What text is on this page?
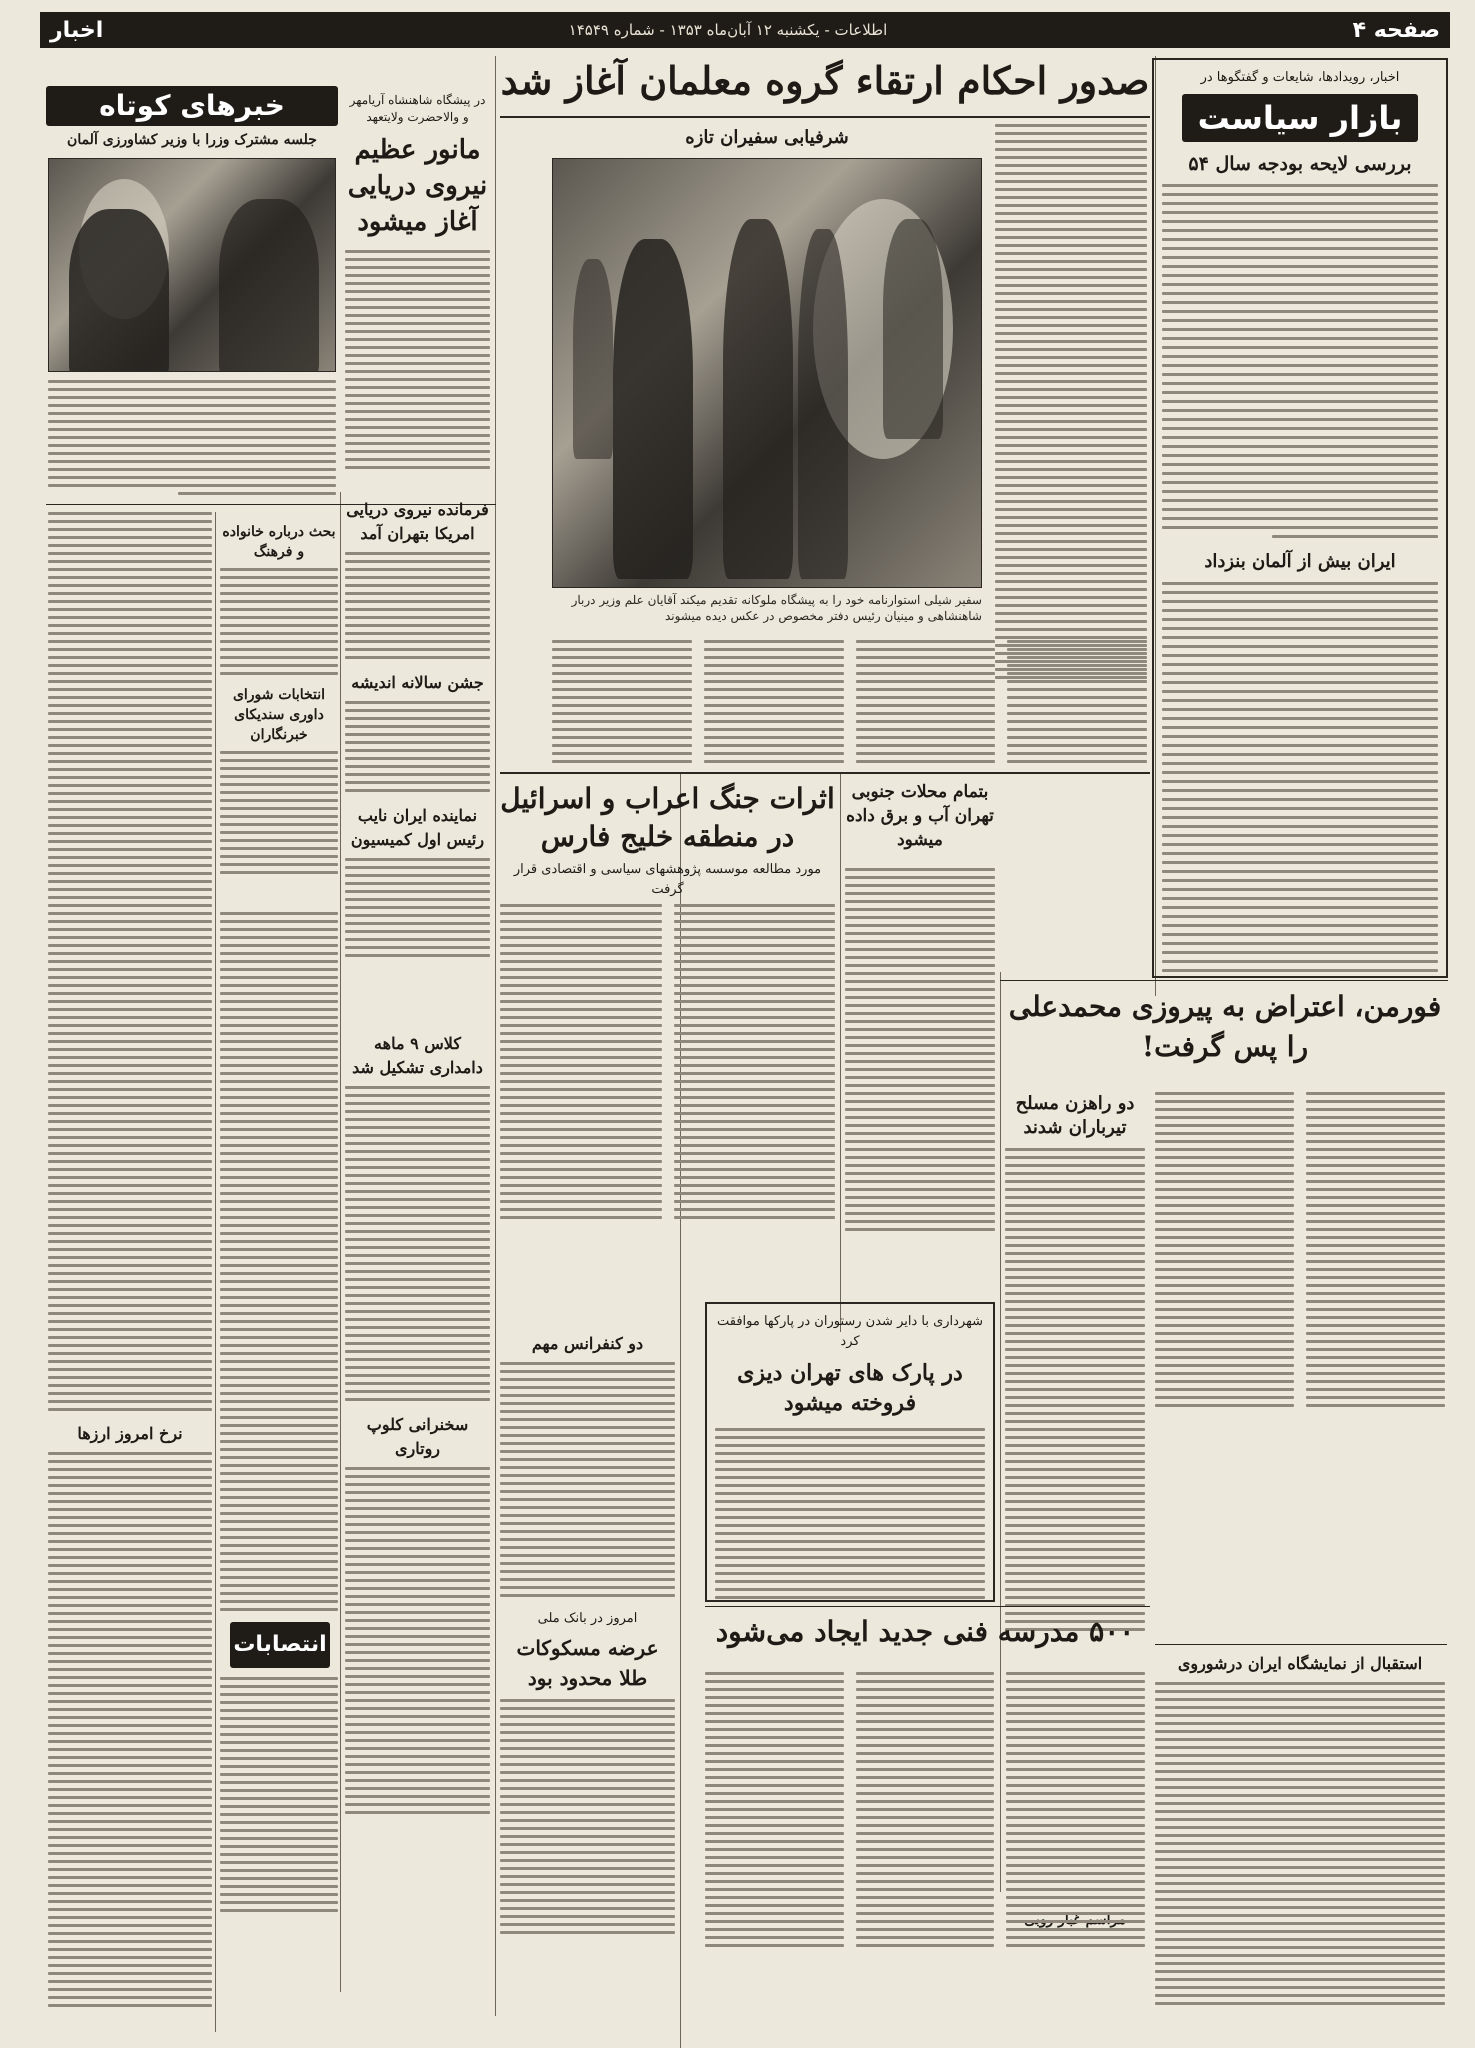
صفحه ۴
اطلاعات - یکشنبه ۱۲ آبان‌ماه ۱۳۵۳ - شماره ۱۴۵۴۹
اخبار
اخبار، رویدادها، شایعات و گفتگوها در
بازار سیاست
بررسی لایحه بودجه سال ۵۴
ایران بیش از آلمان بنزداد
صدور احکام ارتقاء گروه معلمان آغاز شد
شرفیابی سفیران تازه
سفیر شیلی استوارنامه خود را به پیشگاه ملوکانه تقدیم میکند آقایان علم وزیر دربار شاهنشاهی و مینیان رئیس دفتر مخصوص در عکس دیده میشوند
در پیشگاه شاهنشاه آریامهر و والاحضرت ولایتعهد
مانور عظیم نیروی دریایی آغاز میشود
خبرهای کوتاه
جلسه مشترک وزرا با وزیر کشاورزی آلمان
فرمانده نیروی دریایی امریکا بتهران آمد
جشن سالانه اندیشه
نماینده ایران نایب رئیس اول کمیسیون
بحث درباره خانواده و فرهنگ
انتخابات شورای داوری سندیکای خبرنگاران
بتمام محلات جنوبی تهران آب و برق داده میشود
اثرات جنگ اعراب و اسرائیل در منطقه خلیج فارس
مورد مطالعه موسسه پژوهشهای سیاسی و اقتصادی قرار گرفت
فورمن، اعتراض به پیروزی محمدعلی را پس گرفت!
دو راهزن مسلح تیرباران شدند
شهرداری با دایر شدن رستوران در پارکها موافقت کرد
در پارک های تهران دیزی فروخته میشود
استقبال از نمایشگاه ایران درشوروی
۵۰۰ مدرسه فنی جدید ایجاد می‌شود
دو کنفرانس مهم
امروز در بانک ملی
عرضه مسکوکات طلا محدود بود
کلاس ۹ ماهه دامداری تشکیل شد
سخنرانی کلوپ روتاری
انتصابات
نرخ امروز ارزها
